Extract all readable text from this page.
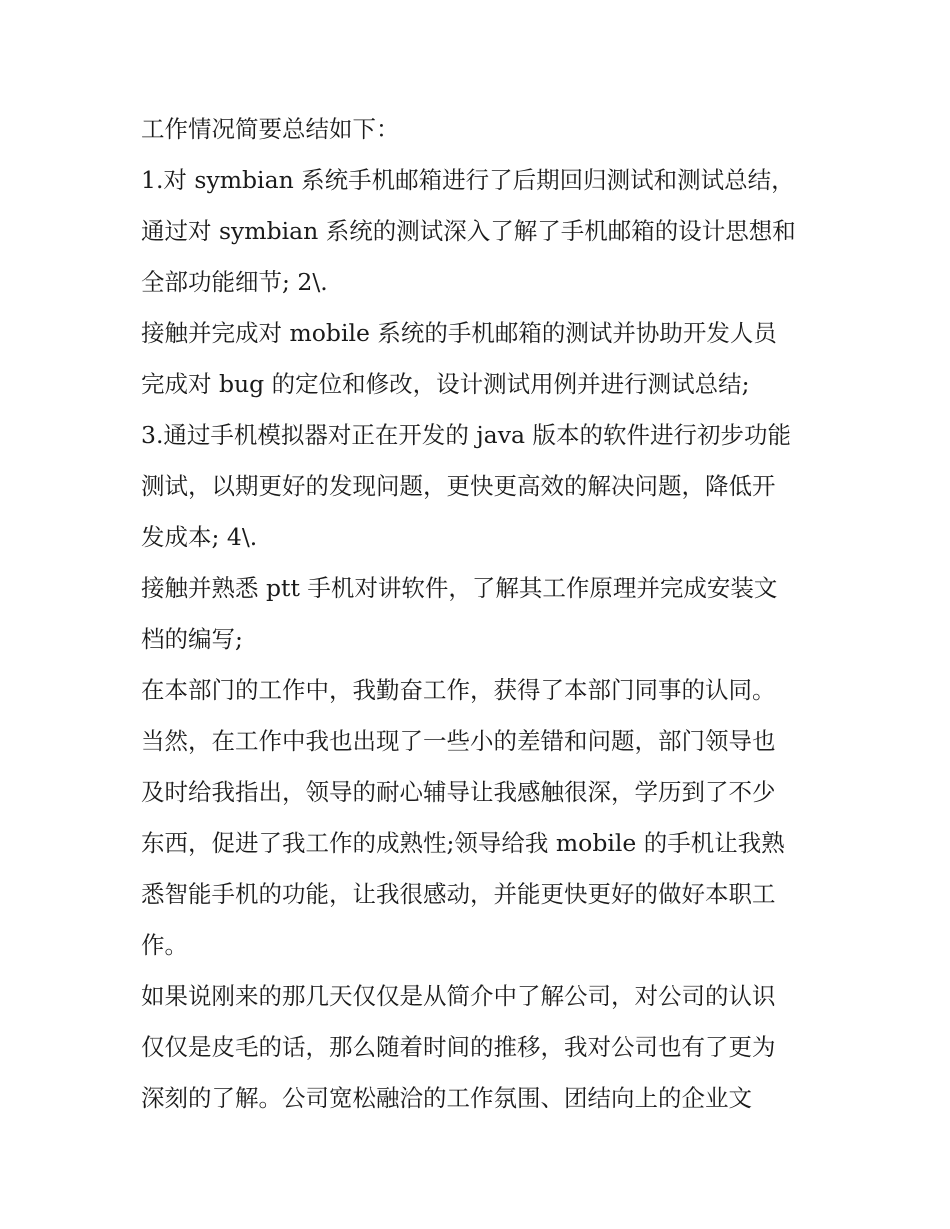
工作情况简要总结如下：
1.对 symbian 系统手机邮箱进行了后期回归测试和测试总结，
通过对 symbian 系统的测试深入了解了手机邮箱的设计思想和
全部功能细节; 2\.
接触并完成对 mobile 系统的手机邮箱的测试并协助开发人员
完成对 bug 的定位和修改，设计测试用例并进行测试总结;
3.通过手机模拟器对正在开发的 java 版本的软件进行初步功能
测试，以期更好的发现问题，更快更高效的解决问题，降低开
发成本; 4\.
接触并熟悉 ptt 手机对讲软件，了解其工作原理并完成安装文
档的编写;
在本部门的工作中，我勤奋工作，获得了本部门同事的认同。
当然，在工作中我也出现了一些小的差错和问题，部门领导也
及时给我指出，领导的耐心辅导让我感触很深，学历到了不少
东西，促进了我工作的成熟性;领导给我 mobile 的手机让我熟
悉智能手机的功能，让我很感动，并能更快更好的做好本职工
作。
如果说刚来的那几天仅仅是从简介中了解公司，对公司的认识
仅仅是皮毛的话，那么随着时间的推移，我对公司也有了更为
深刻的了解。公司宽松融洽的工作氛围、团结向上的企业文
